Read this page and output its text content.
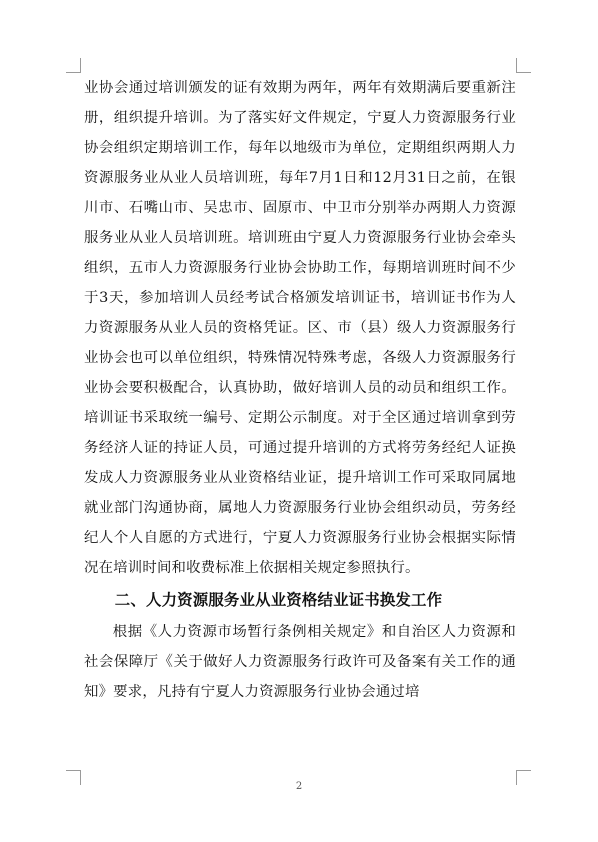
业协会通过培训颁发的证有效期为两年，两年有效期满后要重新注册，组织提升培训。为了落实好文件规定，宁夏人力资源服务行业协会组织定期培训工作，每年以地级市为单位，定期组织两期人力资源服务业从业人员培训班，每年7月1日和12月31日之前，在银川市、石嘴山市、吴忠市、固原市、中卫市分别举办两期人力资源服务业从业人员培训班。培训班由宁夏人力资源服务行业协会牵头组织，五市人力资源服务行业协会协助工作，每期培训班时间不少于3天，参加培训人员经考试合格颁发培训证书，培训证书作为人力资源服务从业人员的资格凭证。区、市（县）级人力资源服务行业协会也可以单位组织，特殊情况特殊考虑，各级人力资源服务行业协会要积极配合，认真协助，做好培训人员的动员和组织工作。培训证书采取统一编号、定期公示制度。对于全区通过培训拿到劳务经济人证的持证人员，可通过提升培训的方式将劳务经纪人证换发成人力资源服务业从业资格结业证，提升培训工作可采取同属地就业部门沟通协商，属地人力资源服务行业协会组织动员，劳务经纪人个人自愿的方式进行，宁夏人力资源服务行业协会根据实际情况在培训时间和收费标准上依据相关规定参照执行。

二、人力资源服务业从业资格结业证书换发工作

根据《人力资源市场暂行条例相关规定》和自治区人力资源和社会保障厅《关于做好人力资源服务行政许可及备案有关工作的通知》要求，凡持有宁夏人力资源服务行业协会通过培

2
